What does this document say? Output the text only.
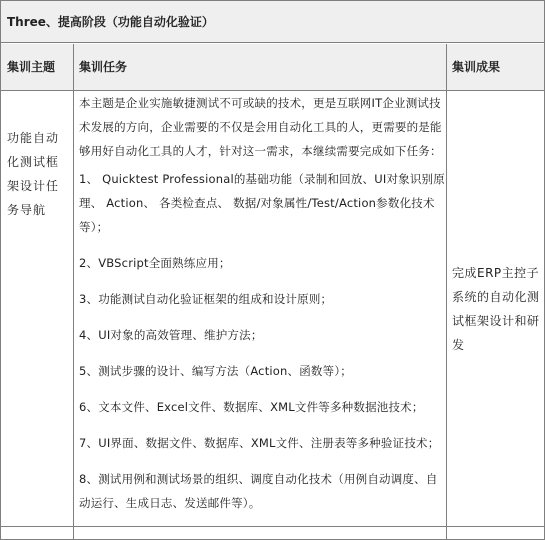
Three、提高阶段（功能自动化验证）
集训主题	集训任务	集训成果
功能自动化测试框架设计任务导航

本主题是企业实施敏捷测试不可或缺的技术，更是互联网IT企业测试技术发展的方向，企业需要的不仅是会用自动化工具的人，更需要的是能够用好自动化工具的人才，针对这一需求，本继续需要完成如下任务：

1、 Quicktest Professional的基础功能（录制和回放、UI对象识别原理、 Action、 各类检查点、 数据/对象属性/Test/Action参数化技术等）；

2、VBScript全面熟练应用；

3、功能测试自动化验证框架的组成和设计原则；

4、UI对象的高效管理、维护方法；

5、测试步骤的设计、编写方法（Action、函数等）；

6、文本文件、Excel文件、数据库、XML文件等多种数据池技术；

7、UI界面、数据文件、数据库、XML文件、注册表等多种验证技术；

8、测试用例和测试场景的组织、调度自动化技术（用例自动调度、自动运行、生成日志、发送邮件等）。

完成ERP主控子系统的自动化测试框架设计和研发
